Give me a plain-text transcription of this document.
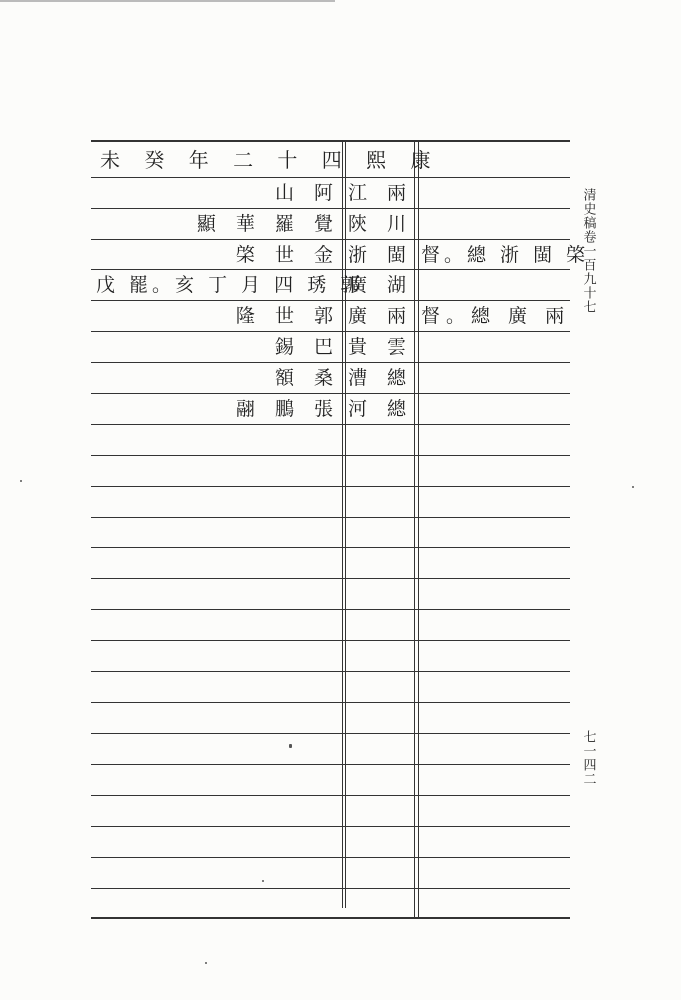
未 癸 年 二 十 四 熙 康
山 阿
顯 華 羅 覺
棨 世 金
戊 罷。亥 丁 月 四 琇 郭
隆 世 郭
錫 巴
額 桑
翮 鵬 張
江 兩
陝 川
浙 閩
廣 湖
廣 兩
貴 雲
漕 總
河 總
督。總 浙 閩 棨
督。總 廣 兩
清史稿卷一百九十七
七一四二
